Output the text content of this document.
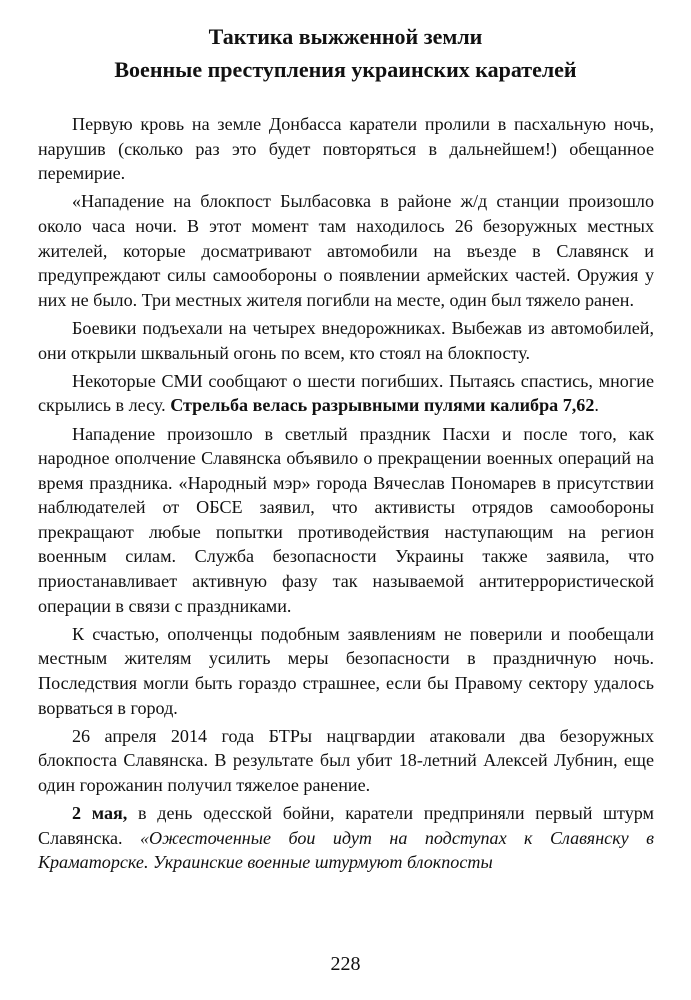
Тактика выжженной земли
Военные преступления украинских карателей

Первую кровь на земле Донбасса каратели пролили в пасхальную ночь, нарушив (сколько раз это будет повторяться в дальнейшем!) обещанное перемирие.

«Нападение на блокпост Былбасовка в районе ж/д станции произошло около часа ночи. В этот момент там находилось 26 безоружных местных жителей, которые досматривают автомобили на въезде в Славянск и предупреждают силы самообороны о появлении армейских частей. Оружия у них не было. Три местных жителя погибли на месте, один был тяжело ранен.

Боевики подъехали на четырех внедорожниках. Выбежав из автомобилей, они открыли шквальный огонь по всем, кто стоял на блокпосту.

Некоторые СМИ сообщают о шести погибших. Пытаясь спастись, многие скрылись в лесу. Стрельба велась разрывными пулями калибра 7,62.

Нападение произошло в светлый праздник Пасхи и после того, как народное ополчение Славянска объявило о прекращении военных операций на время праздника. «Народный мэр» города Вячеслав Пономарев в присутствии наблюдателей от ОБСЕ заявил, что активисты отрядов самообороны прекращают любые попытки противодействия наступающим на регион военным силам. Служба безопасности Украины также заявила, что приостанавливает активную фазу так называемой антитеррористической операции в связи с праздниками.

К счастью, ополченцы подобным заявлениям не поверили и пообещали местным жителям усилить меры безопасности в праздничную ночь. Последствия могли быть гораздо страшнее, если бы Правому сектору удалось ворваться в город.

26 апреля 2014 года БТРы нацгвардии атаковали два безоружных блокпоста Славянска. В результате был убит 18-летний Алексей Лубнин, еще один горожанин получил тяжелое ранение.

2 мая, в день одесской бойни, каратели предприняли первый штурм Славянска. «Ожесточенные бои идут на подступах к Славянску в Краматорске. Украинские военные штурмуют блокпосты

228
